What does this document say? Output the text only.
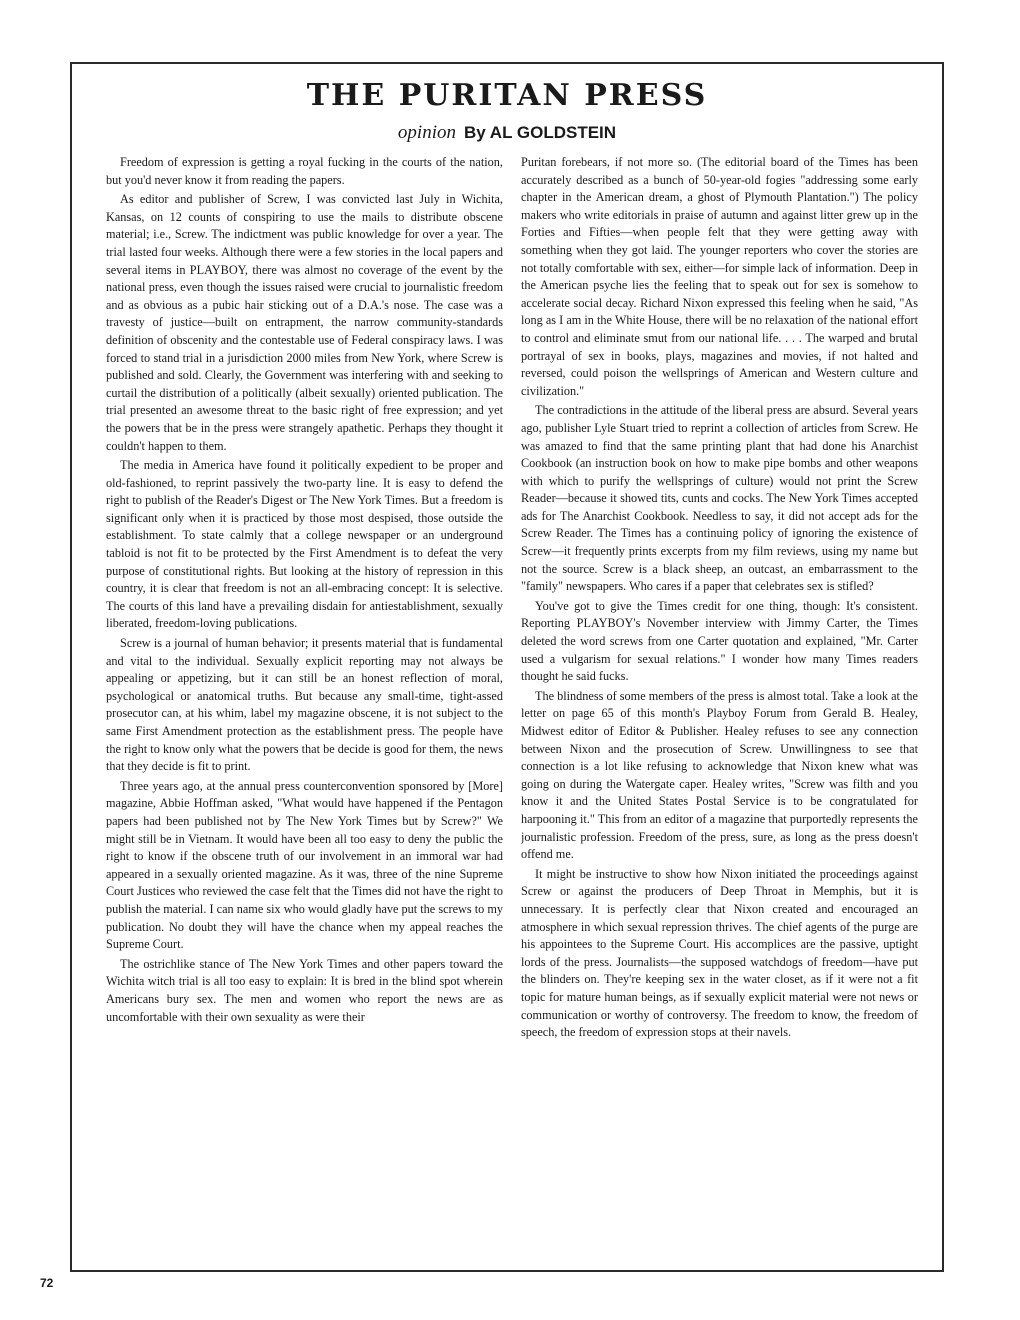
THE PURITAN PRESS
opinion By AL GOLDSTEIN

Freedom of expression is getting a royal fucking in the courts of the nation, but you'd never know it from reading the papers.

As editor and publisher of Screw, I was convicted last July in Wichita, Kansas, on 12 counts of conspiring to use the mails to distribute obscene material; i.e., Screw. The indictment was public knowledge for over a year. The trial lasted four weeks. Although there were a few stories in the local papers and several items in PLAYBOY, there was almost no coverage of the event by the national press, even though the issues raised were crucial to journalistic freedom and as obvious as a pubic hair sticking out of a D.A.'s nose. The case was a travesty of justice—built on entrapment, the narrow community-standards definition of obscenity and the contestable use of Federal conspiracy laws. I was forced to stand trial in a jurisdiction 2000 miles from New York, where Screw is published and sold. Clearly, the Government was interfering with and seeking to curtail the distribution of a politically (albeit sexually) oriented publication. The trial presented an awesome threat to the basic right of free expression; and yet the powers that be in the press were strangely apathetic. Perhaps they thought it couldn't happen to them.

The media in America have found it politically expedient to be proper and old-fashioned, to reprint passively the two-party line. It is easy to defend the right to publish of the Reader's Digest or The New York Times. But a freedom is significant only when it is practiced by those most despised, those outside the establishment. To state calmly that a college newspaper or an underground tabloid is not fit to be protected by the First Amendment is to defeat the very purpose of constitutional rights. But looking at the history of repression in this country, it is clear that freedom is not an all-embracing concept: It is selective. The courts of this land have a prevailing disdain for antiestablishment, sexually liberated, freedom-loving publications.

Screw is a journal of human behavior; it presents material that is fundamental and vital to the individual. Sexually explicit reporting may not always be appealing or appetizing, but it can still be an honest reflection of moral, psychological or anatomical truths. But because any small-time, tight-assed prosecutor can, at his whim, label my magazine obscene, it is not subject to the same First Amendment protection as the establishment press. The people have the right to know only what the powers that be decide is good for them, the news that they decide is fit to print.

Three years ago, at the annual press counterconvention sponsored by [More] magazine, Abbie Hoffman asked, "What would have happened if the Pentagon papers had been published not by The New York Times but by Screw?" We might still be in Vietnam. It would have been all too easy to deny the public the right to know if the obscene truth of our involvement in an immoral war had appeared in a sexually oriented magazine. As it was, three of the nine Supreme Court Justices who reviewed the case felt that the Times did not have the right to publish the material. I can name six who would gladly have put the screws to my publication. No doubt they will have the chance when my appeal reaches the Supreme Court.

The ostrichlike stance of The New York Times and other papers toward the Wichita witch trial is all too easy to explain: It is bred in the blind spot wherein Americans bury sex. The men and women who report the news are as uncomfortable with their own sexuality as were their

Puritan forebears, if not more so. (The editorial board of the Times has been accurately described as a bunch of 50-year-old fogies "addressing some early chapter in the American dream, a ghost of Plymouth Plantation.") The policy makers who write editorials in praise of autumn and against litter grew up in the Forties and Fifties—when people felt that they were getting away with something when they got laid. The younger reporters who cover the stories are not totally comfortable with sex, either—for simple lack of information. Deep in the American psyche lies the feeling that to speak out for sex is somehow to accelerate social decay. Richard Nixon expressed this feeling when he said, "As long as I am in the White House, there will be no relaxation of the national effort to control and eliminate smut from our national life. . . . The warped and brutal portrayal of sex in books, plays, magazines and movies, if not halted and reversed, could poison the wellsprings of American and Western culture and civilization."

The contradictions in the attitude of the liberal press are absurd. Several years ago, publisher Lyle Stuart tried to reprint a collection of articles from Screw. He was amazed to find that the same printing plant that had done his Anarchist Cookbook (an instruction book on how to make pipe bombs and other weapons with which to purify the wellsprings of culture) would not print the Screw Reader—because it showed tits, cunts and cocks. The New York Times accepted ads for The Anarchist Cookbook. Needless to say, it did not accept ads for the Screw Reader. The Times has a continuing policy of ignoring the existence of Screw—it frequently prints excerpts from my film reviews, using my name but not the source. Screw is a black sheep, an outcast, an embarrassment to the "family" newspapers. Who cares if a paper that celebrates sex is stifled?

You've got to give the Times credit for one thing, though: It's consistent. Reporting PLAYBOY's November interview with Jimmy Carter, the Times deleted the word screws from one Carter quotation and explained, "Mr. Carter used a vulgarism for sexual relations." I wonder how many Times readers thought he said fucks.

The blindness of some members of the press is almost total. Take a look at the letter on page 65 of this month's Playboy Forum from Gerald B. Healey, Midwest editor of Editor & Publisher. Healey refuses to see any connection between Nixon and the prosecution of Screw. Unwillingness to see that connection is a lot like refusing to acknowledge that Nixon knew what was going on during the Watergate caper. Healey writes, "Screw was filth and you know it and the United States Postal Service is to be congratulated for harpooning it." This from an editor of a magazine that purportedly represents the journalistic profession. Freedom of the press, sure, as long as the press doesn't offend me.

It might be instructive to show how Nixon initiated the proceedings against Screw or against the producers of Deep Throat in Memphis, but it is unnecessary. It is perfectly clear that Nixon created and encouraged an atmosphere in which sexual repression thrives. The chief agents of the purge are his appointees to the Supreme Court. His accomplices are the passive, uptight lords of the press. Journalists—the supposed watchdogs of freedom—have put the blinders on. They're keeping sex in the water closet, as if it were not a fit topic for mature human beings, as if sexually explicit material were not news or communication or worthy of controversy. The freedom to know, the freedom of speech, the freedom of expression stops at their navels.

72
